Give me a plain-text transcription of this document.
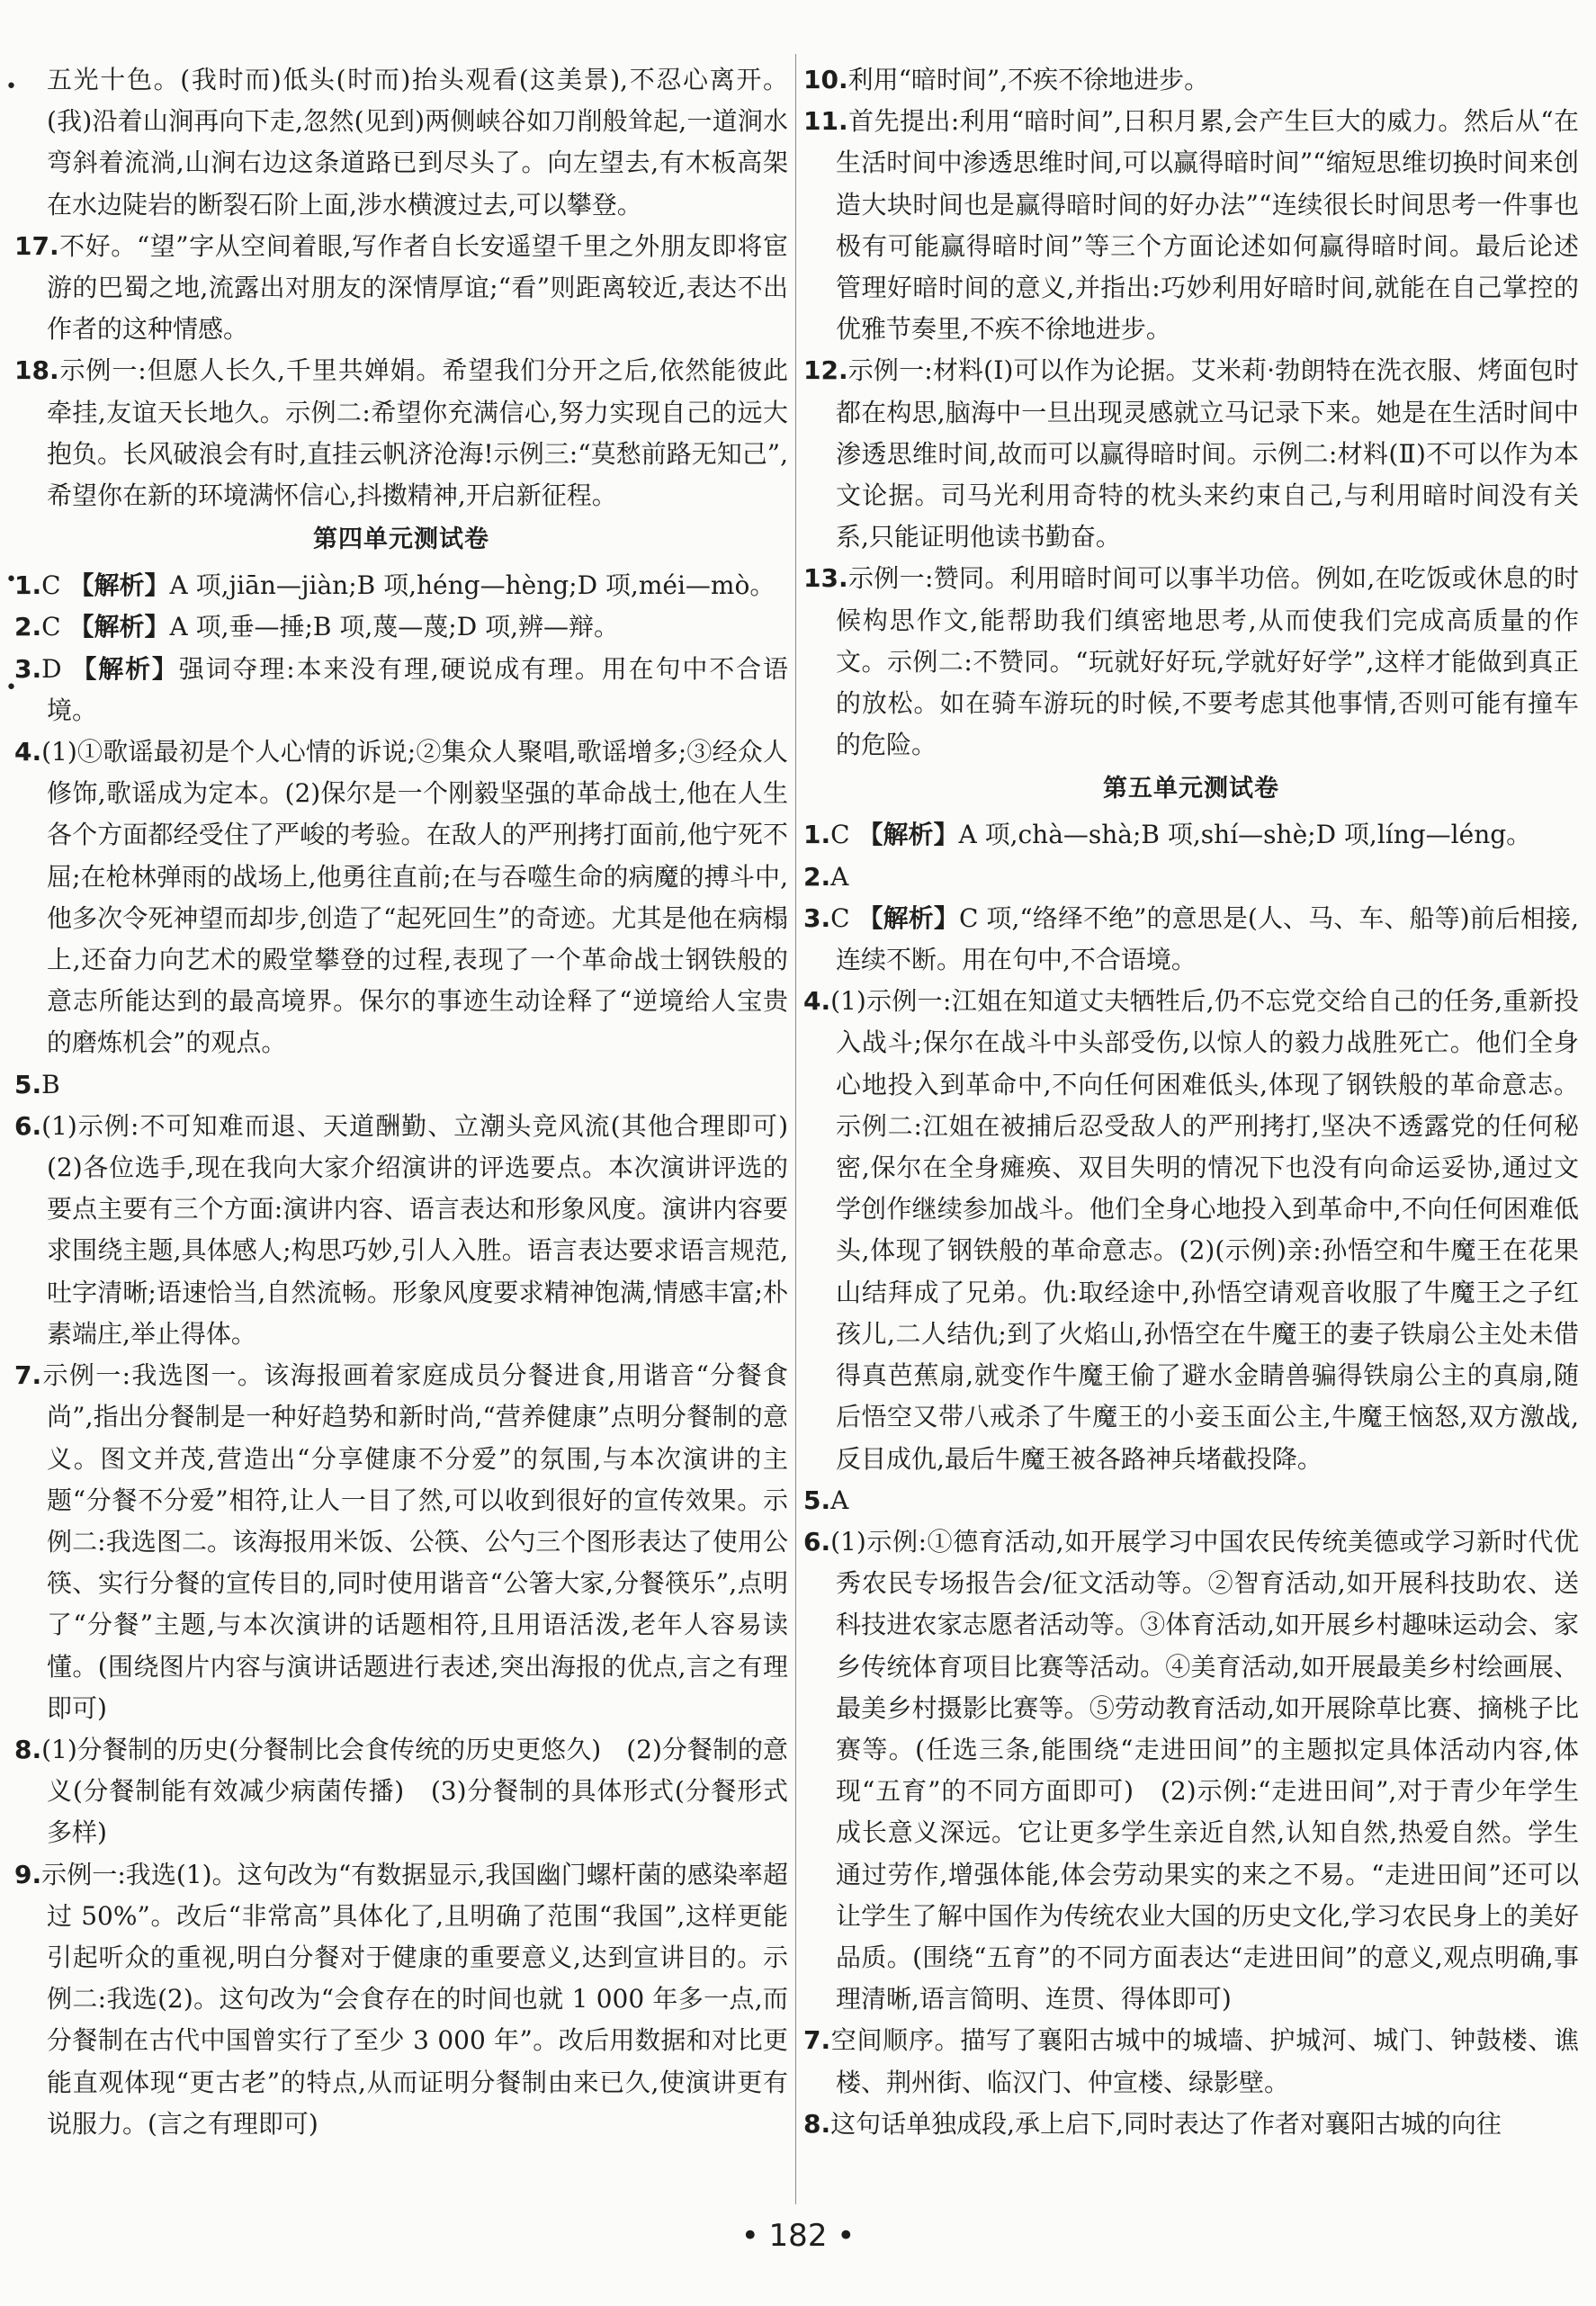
•
•
•

五光十色。(我时而)低头(时而)抬头观看(这美景),不忍心离开。(我)沿着山涧再向下走,忽然(见到)两侧峡谷如刀削般耸起,一道涧水弯斜着流淌,山涧右边这条道路已到尽头了。向左望去,有木板高架在水边陡岩的断裂石阶上面,涉水横渡过去,可以攀登。

17.不好。“望”字从空间着眼,写作者自长安遥望千里之外朋友即将宦游的巴蜀之地,流露出对朋友的深情厚谊;“看”则距离较近,表达不出作者的这种情感。

18.示例一:但愿人长久,千里共婵娟。希望我们分开之后,依然能彼此牵挂,友谊天长地久。示例二:希望你充满信心,努力实现自己的远大抱负。长风破浪会有时,直挂云帆济沧海!示例三:“莫愁前路无知己”,希望你在新的环境满怀信心,抖擞精神,开启新征程。

第四单元测试卷

1.C 【解析】A 项,jiān—jiàn;B 项,héng—hèng;D 项,méi—mò。

2.C 【解析】A 项,垂—捶;B 项,蔑—蔑;D 项,辨—辩。

3.D 【解析】强词夺理:本来没有理,硬说成有理。用在句中不合语境。

4.(1)①歌谣最初是个人心情的诉说;②集众人聚唱,歌谣增多;③经众人修饰,歌谣成为定本。(2)保尔是一个刚毅坚强的革命战士,他在人生各个方面都经受住了严峻的考验。在敌人的严刑拷打面前,他宁死不屈;在枪林弹雨的战场上,他勇往直前;在与吞噬生命的病魔的搏斗中,他多次令死神望而却步,创造了“起死回生”的奇迹。尤其是他在病榻上,还奋力向艺术的殿堂攀登的过程,表现了一个革命战士钢铁般的意志所能达到的最高境界。保尔的事迹生动诠释了“逆境给人宝贵的磨炼机会”的观点。

5.B

6.(1)示例:不可知难而退、天道酬勤、立潮头竞风流(其他合理即可)　(2)各位选手,现在我向大家介绍演讲的评选要点。本次演讲评选的要点主要有三个方面:演讲内容、语言表达和形象风度。演讲内容要求围绕主题,具体感人;构思巧妙,引人入胜。语言表达要求语言规范,吐字清晰;语速恰当,自然流畅。形象风度要求精神饱满,情感丰富;朴素端庄,举止得体。

7.示例一:我选图一。该海报画着家庭成员分餐进食,用谐音“分餐食尚”,指出分餐制是一种好趋势和新时尚,“营养健康”点明分餐制的意义。图文并茂,营造出“分享健康不分爱”的氛围,与本次演讲的主题“分餐不分爱”相符,让人一目了然,可以收到很好的宣传效果。示例二:我选图二。该海报用米饭、公筷、公勺三个图形表达了使用公筷、实行分餐的宣传目的,同时使用谐音“公箸大家,分餐筷乐”,点明了“分餐”主题,与本次演讲的话题相符,且用语活泼,老年人容易读懂。(围绕图片内容与演讲话题进行表述,突出海报的优点,言之有理即可)

8.(1)分餐制的历史(分餐制比会食传统的历史更悠久)　(2)分餐制的意义(分餐制能有效减少病菌传播)　(3)分餐制的具体形式(分餐形式多样)

9.示例一:我选(1)。这句改为“有数据显示,我国幽门螺杆菌的感染率超过 50%”。改后“非常高”具体化了,且明确了范围“我国”,这样更能引起听众的重视,明白分餐对于健康的重要意义,达到宣讲目的。示例二:我选(2)。这句改为“会食存在的时间也就 1 000 年多一点,而分餐制在古代中国曾实行了至少 3 000 年”。改后用数据和对比更能直观体现“更古老”的特点,从而证明分餐制由来已久,使演讲更有说服力。(言之有理即可)

10.利用“暗时间”,不疾不徐地进步。

11.首先提出:利用“暗时间”,日积月累,会产生巨大的威力。然后从“在生活时间中渗透思维时间,可以赢得暗时间”“缩短思维切换时间来创造大块时间也是赢得暗时间的好办法”“连续很长时间思考一件事也极有可能赢得暗时间”等三个方面论述如何赢得暗时间。最后论述管理好暗时间的意义,并指出:巧妙利用好暗时间,就能在自己掌控的优雅节奏里,不疾不徐地进步。

12.示例一:材料(Ⅰ)可以作为论据。艾米莉·勃朗特在洗衣服、烤面包时都在构思,脑海中一旦出现灵感就立马记录下来。她是在生活时间中渗透思维时间,故而可以赢得暗时间。示例二:材料(Ⅱ)不可以作为本文论据。司马光利用奇特的枕头来约束自己,与利用暗时间没有关系,只能证明他读书勤奋。

13.示例一:赞同。利用暗时间可以事半功倍。例如,在吃饭或休息的时候构思作文,能帮助我们缜密地思考,从而使我们完成高质量的作文。示例二:不赞同。“玩就好好玩,学就好好学”,这样才能做到真正的放松。如在骑车游玩的时候,不要考虑其他事情,否则可能有撞车的危险。

第五单元测试卷

1.C 【解析】A 项,chà—shà;B 项,shí—shè;D 项,líng—léng。

2.A

3.C 【解析】C 项,“络绎不绝”的意思是(人、马、车、船等)前后相接,连续不断。用在句中,不合语境。

4.(1)示例一:江姐在知道丈夫牺牲后,仍不忘党交给自己的任务,重新投入战斗;保尔在战斗中头部受伤,以惊人的毅力战胜死亡。他们全身心地投入到革命中,不向任何困难低头,体现了钢铁般的革命意志。示例二:江姐在被捕后忍受敌人的严刑拷打,坚决不透露党的任何秘密,保尔在全身瘫痪、双目失明的情况下也没有向命运妥协,通过文学创作继续参加战斗。他们全身心地投入到革命中,不向任何困难低头,体现了钢铁般的革命意志。(2)(示例)亲:孙悟空和牛魔王在花果山结拜成了兄弟。仇:取经途中,孙悟空请观音收服了牛魔王之子红孩儿,二人结仇;到了火焰山,孙悟空在牛魔王的妻子铁扇公主处未借得真芭蕉扇,就变作牛魔王偷了避水金睛兽骗得铁扇公主的真扇,随后悟空又带八戒杀了牛魔王的小妾玉面公主,牛魔王恼怒,双方激战,反目成仇,最后牛魔王被各路神兵堵截投降。

5.A

6.(1)示例:①德育活动,如开展学习中国农民传统美德或学习新时代优秀农民专场报告会/征文活动等。②智育活动,如开展科技助农、送科技进农家志愿者活动等。③体育活动,如开展乡村趣味运动会、家乡传统体育项目比赛等活动。④美育活动,如开展最美乡村绘画展、最美乡村摄影比赛等。⑤劳动教育活动,如开展除草比赛、摘桃子比赛等。(任选三条,能围绕“走进田间”的主题拟定具体活动内容,体现“五育”的不同方面即可)　(2)示例:“走进田间”,对于青少年学生成长意义深远。它让更多学生亲近自然,认知自然,热爱自然。学生通过劳作,增强体能,体会劳动果实的来之不易。“走进田间”还可以让学生了解中国作为传统农业大国的历史文化,学习农民身上的美好品质。(围绕“五育”的不同方面表达“走进田间”的意义,观点明确,事理清晰,语言简明、连贯、得体即可)

7.空间顺序。描写了襄阳古城中的城墙、护城河、城门、钟鼓楼、谯楼、荆州街、临汉门、仲宣楼、绿影壁。

8.这句话单独成段,承上启下,同时表达了作者对襄阳古城的向往

• 182 •
